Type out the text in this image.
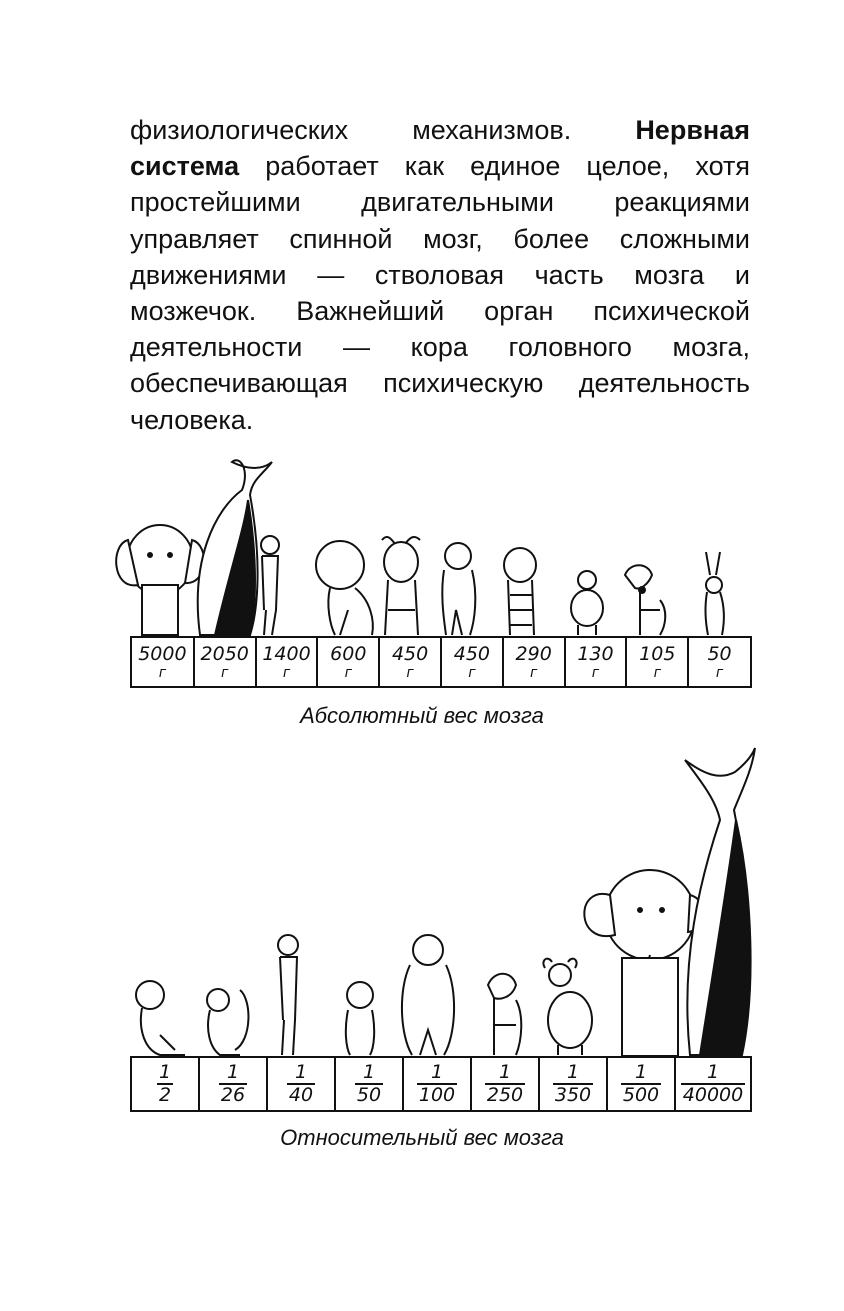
физиологических механизмов. Нервная система работает как единое целое, хотя простейшими двигательными реакциями управляет спинной мозг, более сложными движениями — стволовая часть мозга и мозжечок. Важнейший орган психической деятельности — кора головного мозга, обеспечивающая психическую деятельность человека.
5000
г
2050
г
1400
г
600
г
450
г
450
г
290
г
130
г
105
г
50
г
Абсолютный вес мозга
$\frac{1}{2} \frac{1}{26} \frac{1}{40} \frac{1}{50} \frac{1}{100} \frac{1}{250} \frac{1}{350} \frac{1}{500} \frac{1}{40000}$
Относительный вес мозга
